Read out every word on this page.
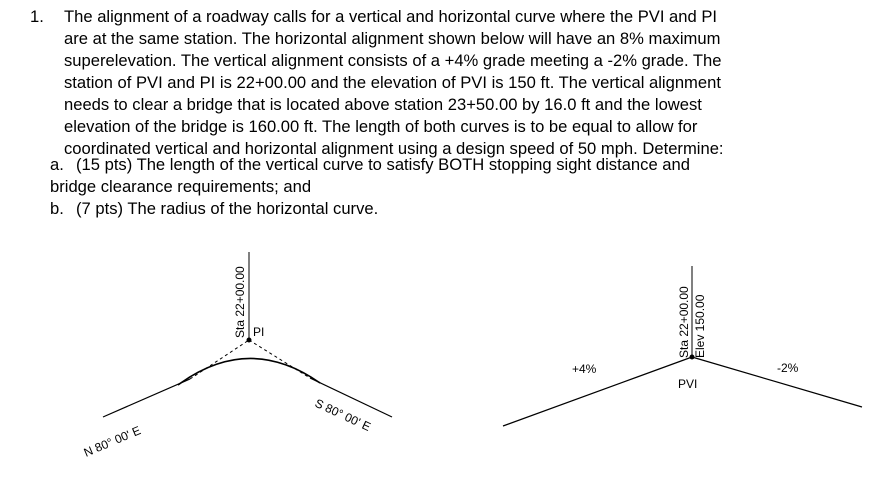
1. The alignment of a roadway calls for a vertical and horizontal curve where the PVI and PI
are at the same station. The horizontal alignment shown below will have an 8% maximum
superelevation. The vertical alignment consists of a +4% grade meeting a -2% grade. The
station of PVI and PI is 22+00.00 and the elevation of PVI is 150 ft. The vertical alignment
needs to clear a bridge that is located above station 23+50.00 by 16.0 ft and the lowest
elevation of the bridge is 160.00 ft. The length of both curves is to be equal to allow for
coordinated vertical and horizontal alignment using a design speed of 50 mph. Determine:
a. (15 pts) The length of the vertical curve to satisfy BOTH stopping sight distance and
bridge clearance requirements; and
b. (7 pts) The radius of the horizontal curve.
Sta 22+00.00 PI
N 80° 00' E
S 80° 00' E
Sta 22+00.00 Elev 150.00
+4%	-2%
PVI
